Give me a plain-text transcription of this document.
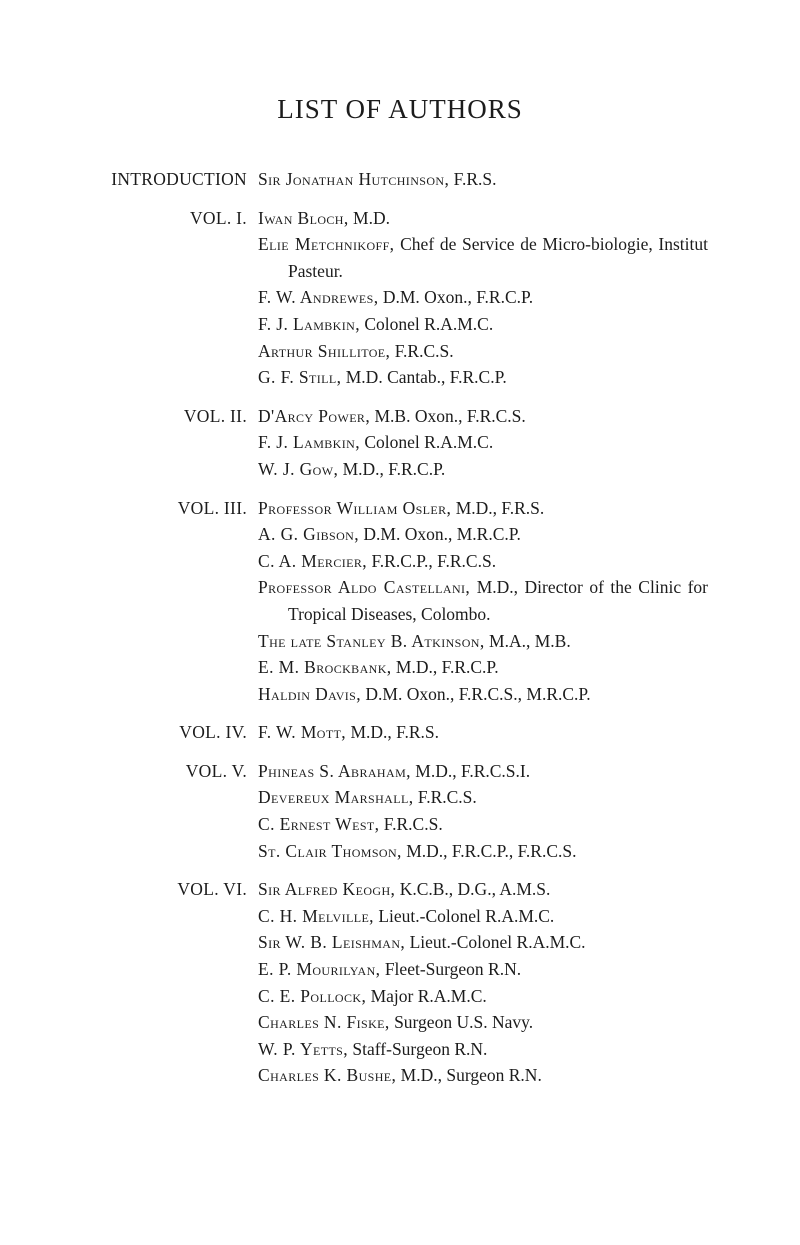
LIST OF AUTHORS
INTRODUCTION Sir Jonathan Hutchinson, F.R.S.
VOL. I. Iwan Bloch, M.D.
Elie Metchnikoff, Chef de Service de Micro-biologie, Institut Pasteur.
F. W. Andrewes, D.M. Oxon., F.R.C.P.
F. J. Lambkin, Colonel R.A.M.C.
Arthur Shillitoe, F.R.C.S.
G. F. Still, M.D. Cantab., F.R.C.P.
VOL. II. D'Arcy Power, M.B. Oxon., F.R.C.S.
F. J. Lambkin, Colonel R.A.M.C.
W. J. Gow, M.D., F.R.C.P.
VOL. III. Professor William Osler, M.D., F.R.S.
A. G. Gibson, D.M. Oxon., M.R.C.P.
C. A. Mercier, F.R.C.P., F.R.C.S.
Professor Aldo Castellani, M.D., Director of the Clinic for Tropical Diseases, Colombo.
The late Stanley B. Atkinson, M.A., M.B.
E. M. Brockbank, M.D., F.R.C.P.
Haldin Davis, D.M. Oxon., F.R.C.S., M.R.C.P.
VOL. IV. F. W. Mott, M.D., F.R.S.
VOL. V. Phineas S. Abraham, M.D., F.R.C.S.I.
Devereux Marshall, F.R.C.S.
C. Ernest West, F.R.C.S.
St. Clair Thomson, M.D., F.R.C.P., F.R.C.S.
VOL. VI. Sir Alfred Keogh, K.C.B., D.G., A.M.S.
C. H. Melville, Lieut.-Colonel R.A.M.C.
Sir W. B. Leishman, Lieut.-Colonel R.A.M.C.
E. P. Mourilyan, Fleet-Surgeon R.N.
C. E. Pollock, Major R.A.M.C.
Charles N. Fiske, Surgeon U.S. Navy.
W. P. Yetts, Staff-Surgeon R.N.
Charles K. Bushe, M.D., Surgeon R.N.
